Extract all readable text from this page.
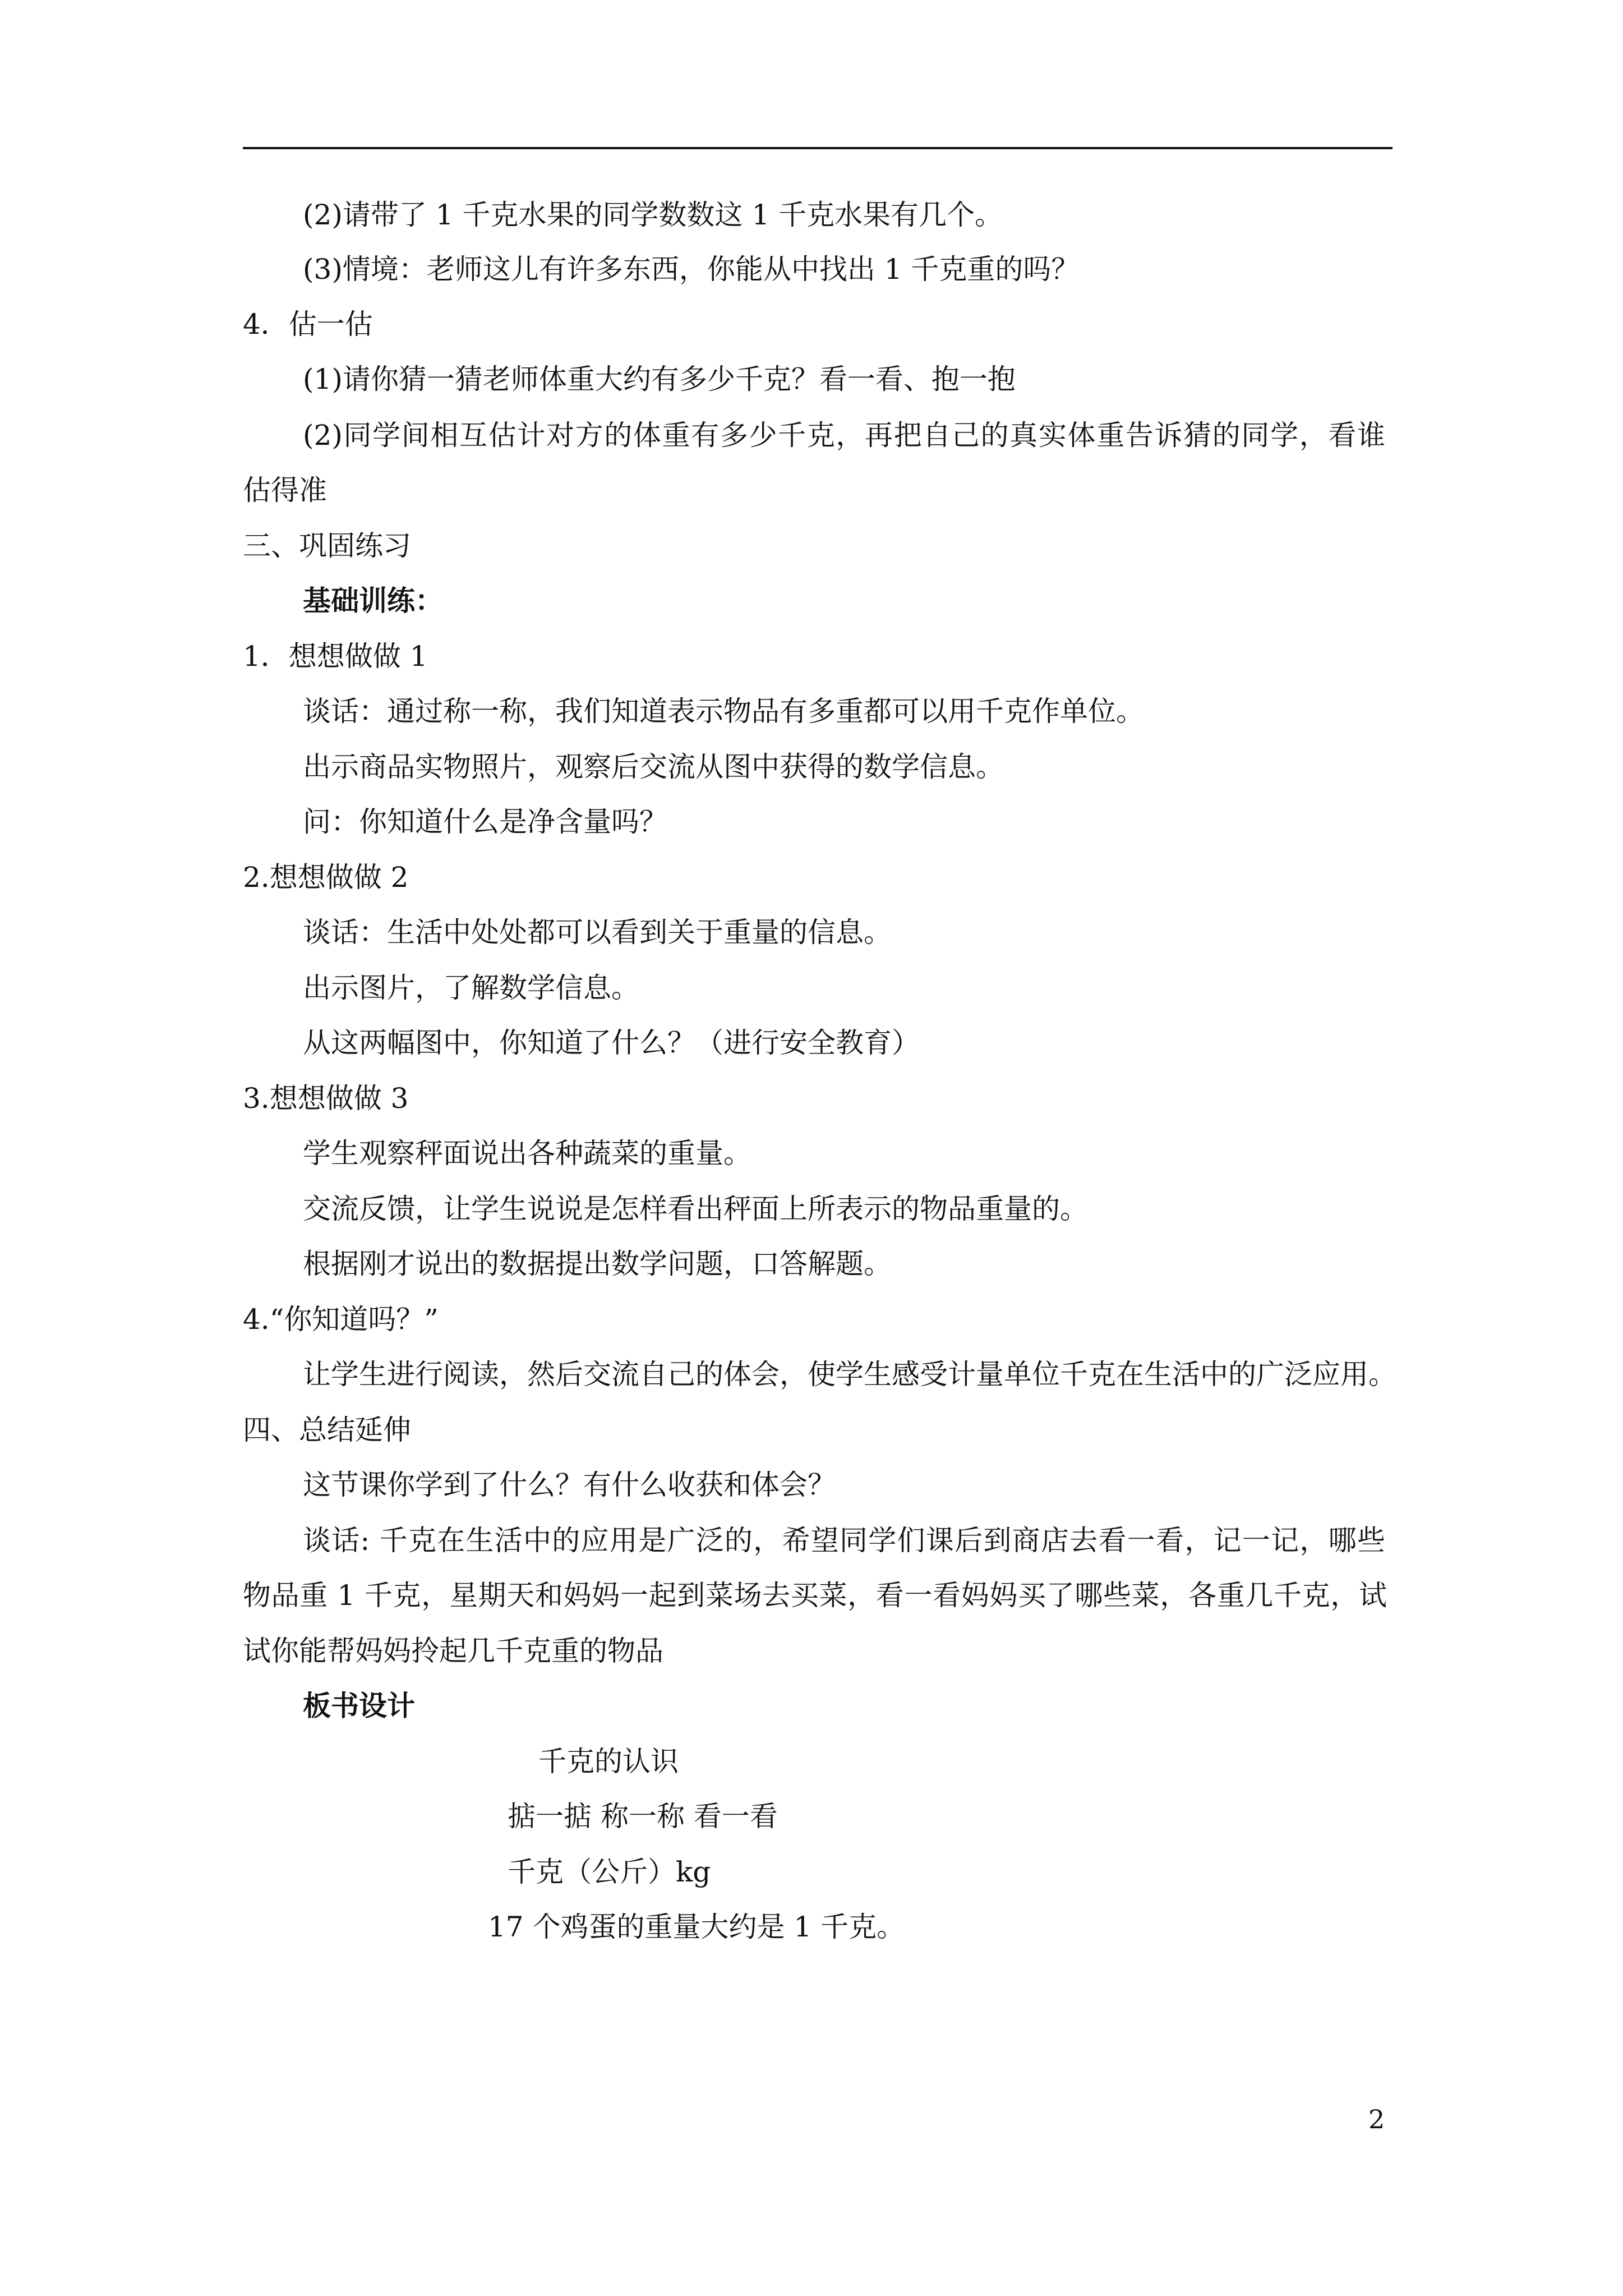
(2)请带了 1 千克水果的同学数数这 1 千克水果有几个。
(3)情境：老师这儿有许多东西，你能从中找出 1 千克重的吗？
4．估一估
(1)请你猜一猜老师体重大约有多少千克？看一看、抱一抱
(2)同学间相互估计对方的体重有多少千克，再把自己的真实体重告诉猜的同学，看谁
估得准
三、巩固练习
基础训练：
1．想想做做 1
谈话：通过称一称，我们知道表示物品有多重都可以用千克作单位。
出示商品实物照片，观察后交流从图中获得的数学信息。
问：你知道什么是净含量吗？
2.想想做做 2
谈话：生活中处处都可以看到关于重量的信息。
出示图片，了解数学信息。
从这两幅图中，你知道了什么？（进行安全教育）
3.想想做做 3
学生观察秤面说出各种蔬菜的重量。
交流反馈，让学生说说是怎样看出秤面上所表示的物品重量的。
根据刚才说出的数据提出数学问题，口答解题。
4.“你知道吗？”
让学生进行阅读，然后交流自己的体会，使学生感受计量单位千克在生活中的广泛应用。
四、总结延伸
这节课你学到了什么？有什么收获和体会？
谈话: 千克在生活中的应用是广泛的，希望同学们课后到商店去看一看，记一记，哪些
物品重 1 千克，星期天和妈妈一起到菜场去买菜，看一看妈妈买了哪些菜，各重几千克，试
试你能帮妈妈拎起几千克重的物品
板书设计
千克的认识
掂一掂 称一称 看一看
千克（公斤）kg
17 个鸡蛋的重量大约是 1 千克。
2
